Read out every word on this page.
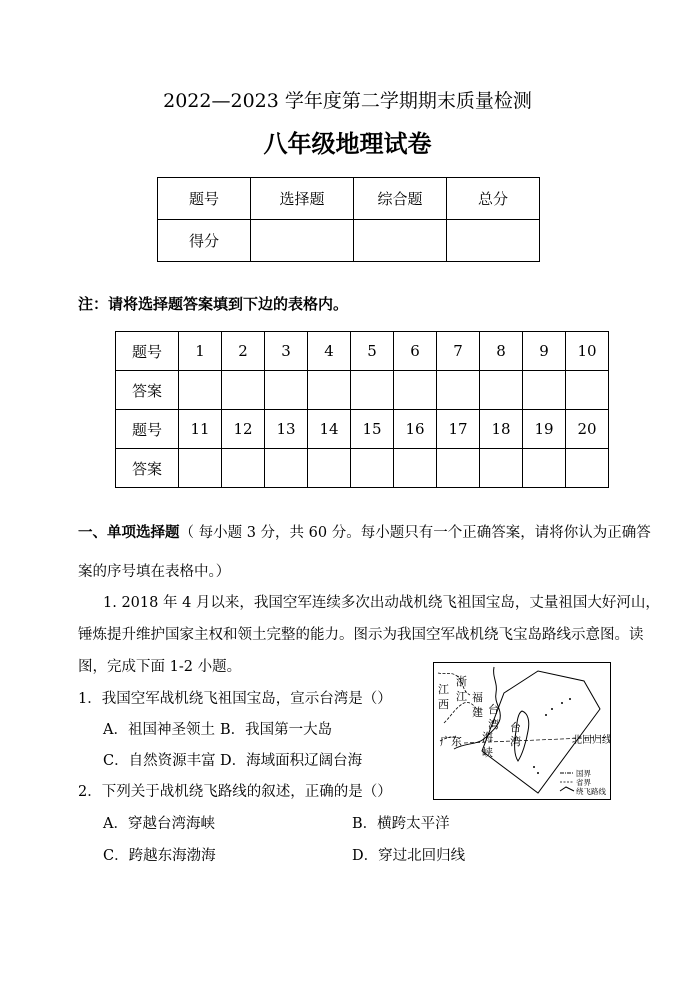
2022—2023 学年度第二学期期末质量检测
八年级地理试卷
题号	选择题	综合题	总分
得分			
注：请将选择题答案填到下边的表格内。
题号	1	2	3	4	5	6	7	8	9	10
答案										
题号	11	12	13	14	15	16	17	18	19	20
答案										
一、单项选择题（ 每小题 3 分，共 60 分。每小题只有一个正确答案，请将你认为正确答
案的序号填在表格中。）
1. 2018 年 4 月以来，我国空军连续多次出动战机绕飞祖国宝岛，丈量祖国大好河山，
锤炼提升维护国家主权和领土完整的能力。图示为我国空军战机绕飞宝岛路线示意图。读
图，完成下面 1-2 小题。
1．我国空军战机绕飞祖国宝岛，宣示台湾是（）
A．祖国神圣领土 B．我国第一大岛
C．自然资源丰富 D．海域面积辽阔台海
2．下列关于战机绕飞路线的叙述，正确的是（）
A．穿越台湾海峡	B．横跨太平洋
C．跨越东海渤海	D．穿过北回归线
浙
江
江
西
福
建
广东
台
湾
海
峡
台
湾	北回归线
国界
省界
绕飞路线
